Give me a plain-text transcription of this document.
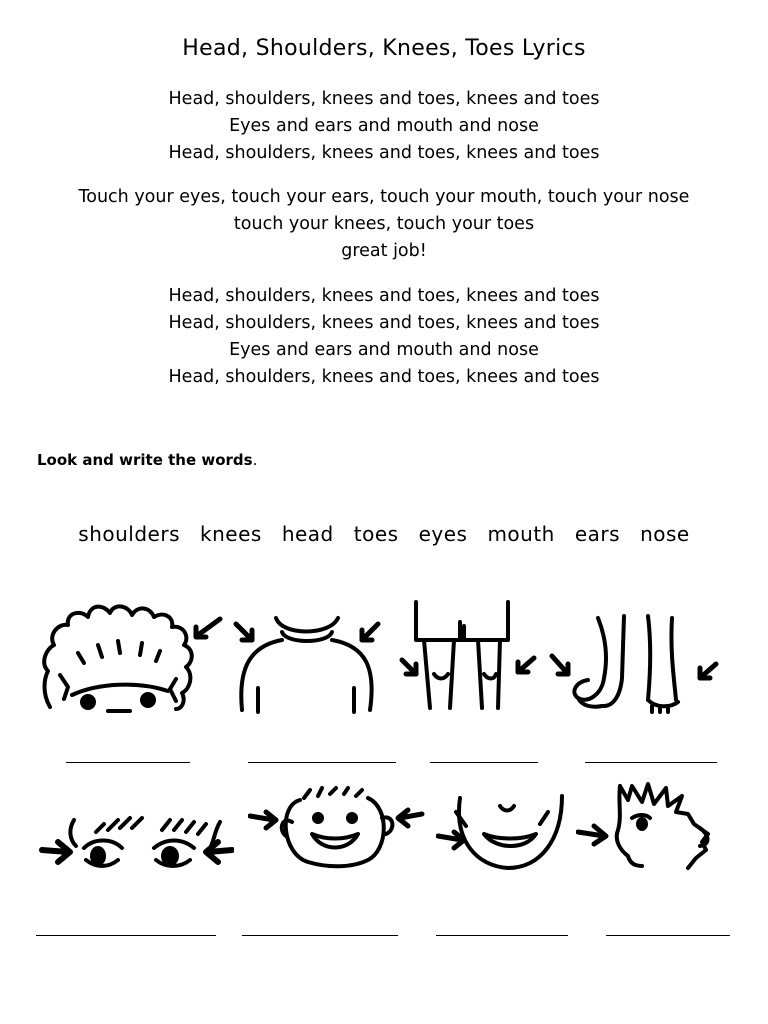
Head, Shoulders, Knees, Toes Lyrics
Head, shoulders, knees and toes, knees and toes
Eyes and ears and mouth and nose
Head, shoulders, knees and toes, knees and toes
Touch your eyes, touch your ears, touch your mouth, touch your nose
touch your knees, touch your toes
great job!
Head, shoulders, knees and toes, knees and toes
Head, shoulders, knees and toes, knees and toes
Eyes and ears and mouth and nose
Head, shoulders, knees and toes, knees and toes
Look and write the words.
shoulders knees head toes eyes mouth ears nose
